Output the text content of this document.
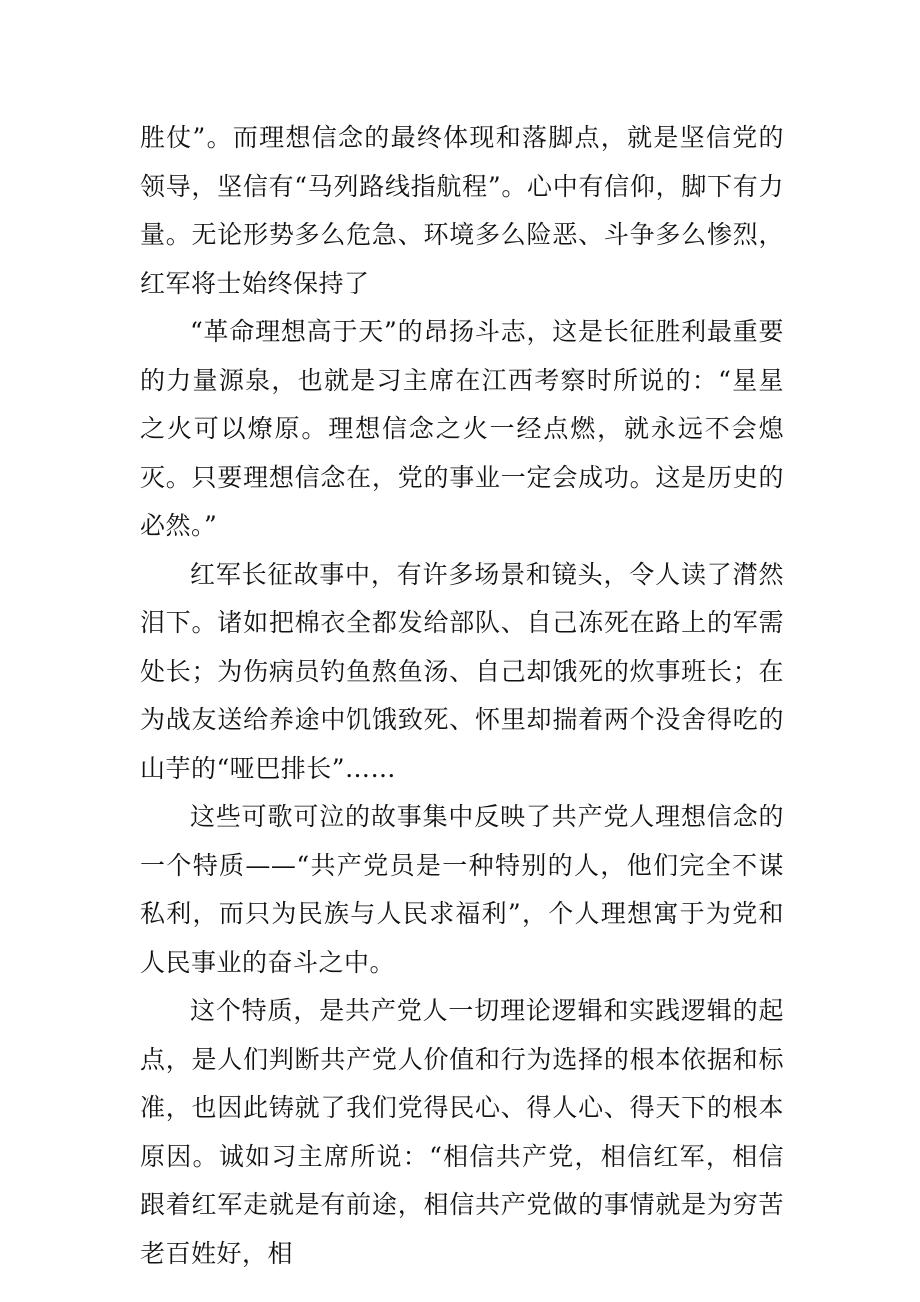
胜仗”。而理想信念的最终体现和落脚点，就是坚信党的领导，坚信有“马列路线指航程”。心中有信仰，脚下有力量。无论形势多么危急、环境多么险恶、斗争多么惨烈，红军将士始终保持了

“革命理想高于天”的昂扬斗志，这是长征胜利最重要的力量源泉，也就是习主席在江西考察时所说的：“星星之火可以燎原。理想信念之火一经点燃，就永远不会熄灭。只要理想信念在，党的事业一定会成功。这是历史的必然。”

红军长征故事中，有许多场景和镜头，令人读了潸然泪下。诸如把棉衣全都发给部队、自己冻死在路上的军需处长；为伤病员钓鱼熬鱼汤、自己却饿死的炊事班长；在为战友送给养途中饥饿致死、怀里却揣着两个没舍得吃的山芋的“哑巴排长”……

这些可歌可泣的故事集中反映了共产党人理想信念的一个特质——“共产党员是一种特别的人，他们完全不谋私利，而只为民族与人民求福利”，个人理想寓于为党和人民事业的奋斗之中。

这个特质，是共产党人一切理论逻辑和实践逻辑的起点，是人们判断共产党人价值和行为选择的根本依据和标准，也因此铸就了我们党得民心、得人心、得天下的根本原因。诚如习主席所说：“相信共产党，相信红军，相信跟着红军走就是有前途，相信共产党做的事情就是为穷苦老百姓好，相
